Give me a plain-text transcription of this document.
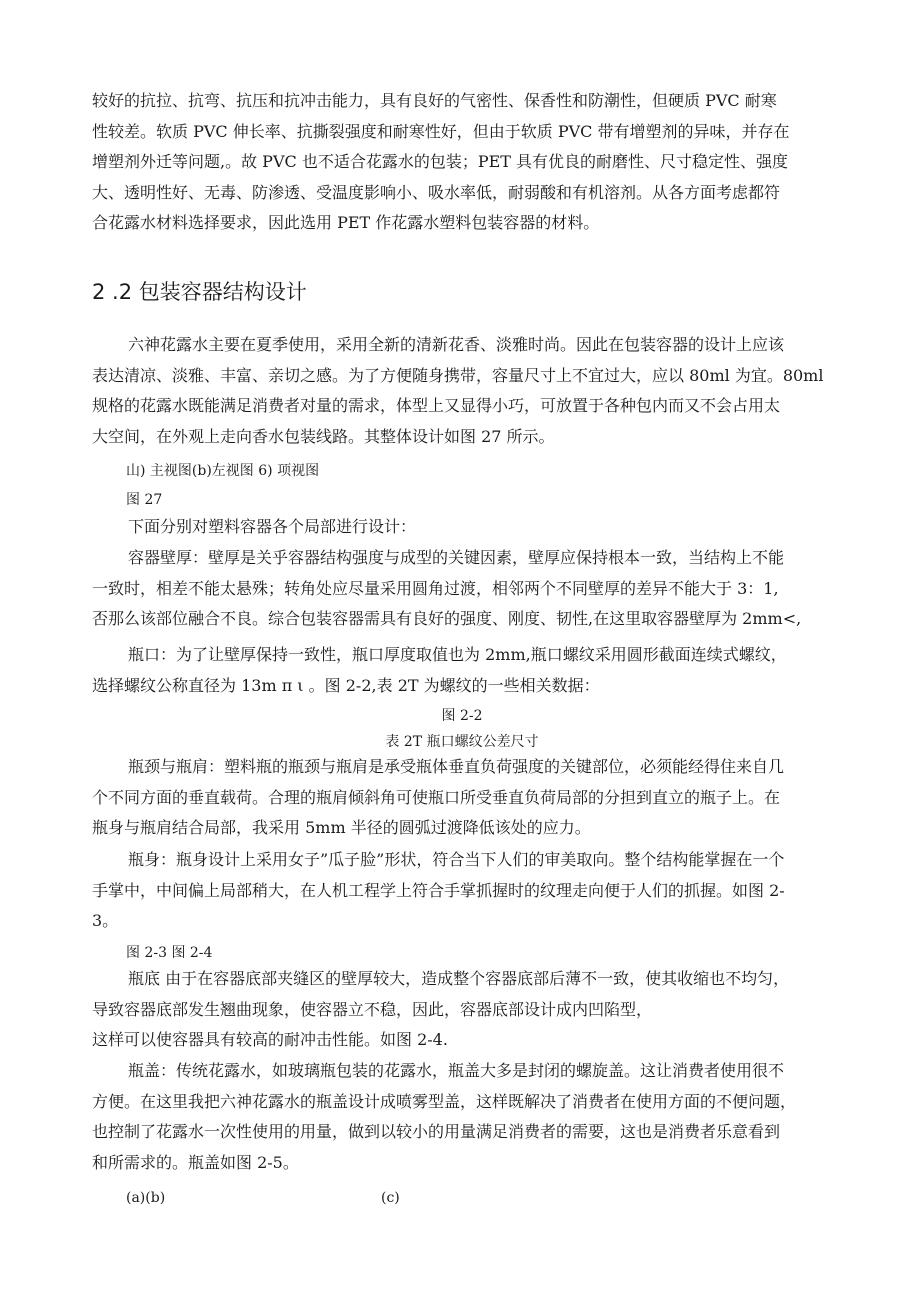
较好的抗拉、抗弯、抗压和抗冲击能力，具有良好的气密性、保香性和防潮性，但硬质 PVC 耐寒
性较差。软质 PVC 伸长率、抗撕裂强度和耐寒性好，但由于软质 PVC 带有增塑剂的异味，并存在
增塑剂外迁等问题,。故 PVC 也不适合花露水的包装；PET 具有优良的耐磨性、尺寸稳定性、强度
大、透明性好、无毒、防渗透、受温度影响小、吸水率低，耐弱酸和有机溶剂。从各方面考虑都符
合花露水材料选择要求，因此选用 PET 作花露水塑料包装容器的材料。

2 .2 包装容器结构设计

六神花露水主要在夏季使用，采用全新的清新花香、淡雅时尚。因此在包装容器的设计上应该
表达清凉、淡雅、丰富、亲切之感。为了方便随身携带，容量尺寸上不宜过大，应以 80ml 为宜。80ml
规格的花露水既能满足消费者对量的需求，体型上又显得小巧，可放置于各种包内而又不会占用太
大空间，在外观上走向香水包装线路。其整体设计如图 27 所示。

山) 主视图(b)左视图 6) 项视图

图 27

下面分别对塑料容器各个局部进行设计：

容器壁厚：壁厚是关乎容器结构强度与成型的关键因素，壁厚应保持根本一致，当结构上不能
一致时，相差不能太悬殊；转角处应尽量采用圆角过渡，相邻两个不同壁厚的差异不能大于 3：1,
否那么该部位融合不良。综合包装容器需具有良好的强度、刚度、韧性,在这里取容器壁厚为 2mm<,

瓶口：为了让壁厚保持一致性，瓶口厚度取值也为 2mm,瓶口螺纹采用圆形截面连续式螺纹，
选择螺纹公称直径为 13m π ι 。图 2-2,表 2T 为螺纹的一些相关数据：

图 2-2

表 2T 瓶口螺纹公差尺寸

瓶颈与瓶肩：塑料瓶的瓶颈与瓶肩是承受瓶体垂直负荷强度的关键部位，必须能经得住来自几
个不同方面的垂直载荷。合理的瓶肩倾斜角可使瓶口所受垂直负荷局部的分担到直立的瓶子上。在
瓶身与瓶肩结合局部，我采用 5mm 半径的圆弧过渡降低该处的应力。

瓶身：瓶身设计上采用女子”瓜子脸”形状，符合当下人们的审美取向。整个结构能掌握在一个
手掌中，中间偏上局部稍大，在人机工程学上符合手掌抓握时的纹理走向便于人们的抓握。如图 2-
3。

图 2-3 图 2-4

瓶底 由于在容器底部夹缝区的壁厚较大，造成整个容器底部后薄不一致，使其收缩也不均匀，
导致容器底部发生翘曲现象，使容器立不稳，因此，容器底部设计成内凹陷型，
这样可以使容器具有较高的耐冲击性能。如图 2-4.

瓶盖：传统花露水，如玻璃瓶包装的花露水，瓶盖大多是封闭的螺旋盖。这让消费者使用很不
方便。在这里我把六神花露水的瓶盖设计成喷雾型盖，这样既解决了消费者在使用方面的不便问题，
也控制了花露水一次性使用的用量，做到以较小的用量满足消费者的需要，这也是消费者乐意看到
和所需求的。瓶盖如图 2-5。

(a)(b)	(c)
